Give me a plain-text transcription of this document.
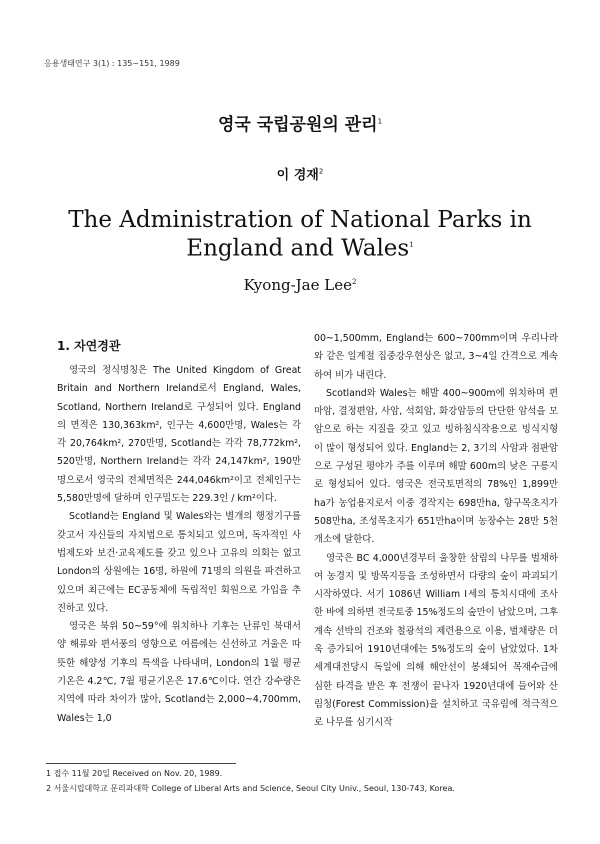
응용생태연구 3(1) : 135~151, 1989
영국 국립공원의 관리$^1$
이 경재$^2$
The Administration of National Parks in
England and Wales$^1$
Kyong-Jae Lee$^2$
1. 자연경관

영국의 정식명칭은 The United Kingdom of Great Britain and Northern Ireland로서 England, Wales, Scotland, Northern Ireland로 구성되어 있다. England의 면적은 130,363km², 인구는 4,600만명, Wales는 각각 20,764km², 270만명, Scotland는 각각 78,772km², 520만명, Northern Ireland는 각각 24,147km², 190만명으로서 영국의 전체면적은 244,046km²이고 전체인구는 5,580만명에 달하며 인구밀도는 229.3인 / km²이다.

Scotland는 England 및 Wales와는 별개의 행정기구를 갖고서 자신들의 자치법으로 통치되고 있으며, 독자적인 사법제도와 보건·교육제도를 갖고 있으나 고유의 의회는 없고 London의 상원에는 16명, 하원에 71명의 의원을 파견하고 있으며 최근에는 EC공동체에 독립적인 회원으로 가입을 추진하고 있다.

영국은 북위 50~59°에 위치하나 기후는 난류인 북대서양 해류와 편서풍의 영향으로 여름에는 신선하고 겨울은 따뜻한 해양성 기후의 특색을 나타내며, London의 1월 평균기온은 4.2℃, 7월 평균기온은 17.6℃이다. 연간 강수량은 지역에 따라 차이가 많아, Scotland는 2,000~4,700mm, Wales는 1,0

00~1,500mm, England는 600~700mm이며 우리나라와 같은 일계절 집중강우현상은 없고, 3~4일 간격으로 계속하여 비가 내린다.

Scotland와 Wales는 해발 400~900m에 위치하며 편마암, 결정편암, 사암, 석회암, 화강암등의 단단한 암석을 모암으로 하는 지질을 갖고 있고 빙하침식작용으로 빙식지형이 많이 형성되어 있다. England는 2, 3기의 사암과 점판암으로 구성된 평야가 주를 이루며 해발 600m의 낮은 구릉지로 형성되어 있다. 영국은 전국토면적의 78%인 1,899만 ha가 농업용지로서 이중 경작지는 698만ha, 향구목초지가 508만ha, 조성목초지가 651만ha이며 농장수는 28만 5천개소에 달한다.

영국은 BC 4,000년경부터 울창한 삼림의 나무를 벌채하여 농경지 및 방목지등을 조성하면서 다량의 숲이 파괴되기 시작하였다. 서기 1086년 William Ⅰ세의 통치시대에 조사한 바에 의하면 전국토중 15%정도의 숲만이 남았으며, 그후 계속 선박의 건조와 철광석의 제련용으로 이용, 벌채량은 더욱 증가되어 1910년대에는 5%정도의 숲이 남았었다. 1차세계대전당시 독일에 의해 해안선이 봉쇄되어 목재수급에 심한 타격을 받은 후 전쟁이 끝나자 1920년대에 들어와 산림청(Forest Commission)을 설치하고 국유림에 적극적으로 나무를 심기시작

1 접수 11월 20일 Received on Nov. 20, 1989.
2 서울시립대학교 문리과대학 College of Liberal Arts and Science, Seoul City Univ., Seoul, 130-743, Korea.
